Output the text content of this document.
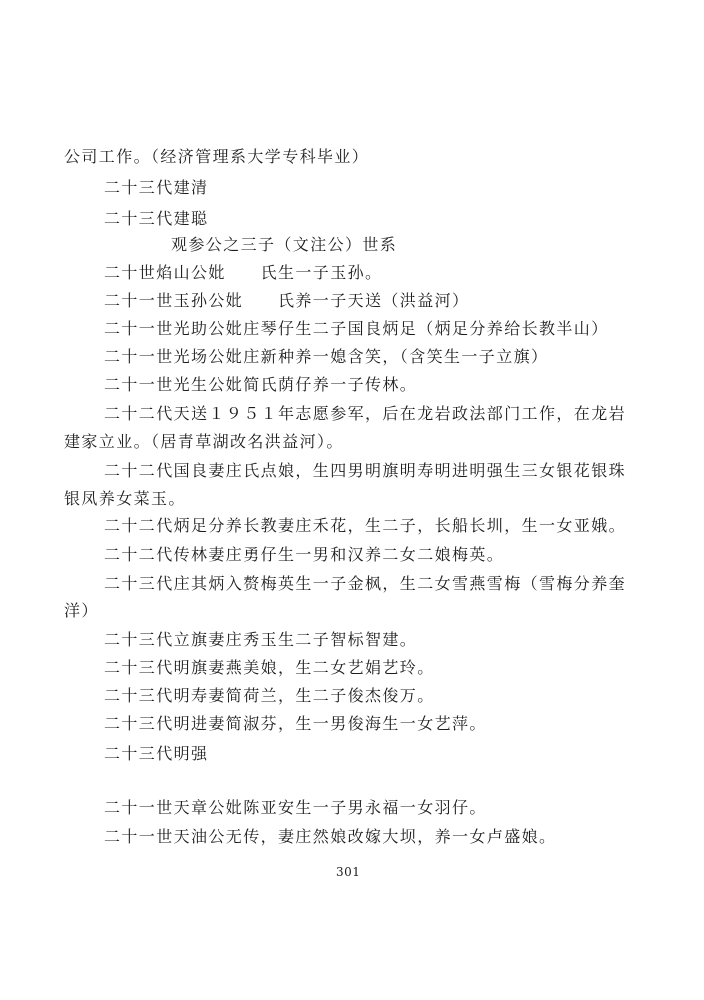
公司工作。（经济管理系大学专科毕业）

二十三代建清

二十三代建聪

观参公之三子（文注公）世系

二十世焰山公妣　　氏生一子玉孙。

二十一世玉孙公妣　　氏养一子天送（洪益河）

二十一世光助公妣庄琴仔生二子国良炳足（炳足分养给长教半山）

二十一世光场公妣庄新种养一媳含笑，（含笑生一子立旗）

二十一世光生公妣简氏荫仔养一子传林。

二十二代天送１９５１年志愿参军，后在龙岩政法部门工作，在龙岩

建家立业。（居青草湖改名洪益河）。

二十二代国良妻庄氏点娘，生四男明旗明寿明进明强生三女银花银珠

银凤养女菜玉。

二十二代炳足分养长教妻庄禾花，生二子，长船长圳，生一女亚娥。

二十二代传林妻庄勇仔生一男和汉养二女二娘梅英。

二十三代庄其炳入赘梅英生一子金枫，生二女雪燕雪梅（雪梅分养奎

洋）

二十三代立旗妻庄秀玉生二子智标智建。

二十三代明旗妻燕美娘，生二女艺娟艺玲。

二十三代明寿妻简荷兰，生二子俊杰俊万。

二十三代明进妻简淑芬，生一男俊海生一女艺萍。

二十三代明强

二十一世天章公妣陈亚安生一子男永福一女羽仔。

二十一世天油公无传，妻庄然娘改嫁大坝，养一女卢盛娘。

301
